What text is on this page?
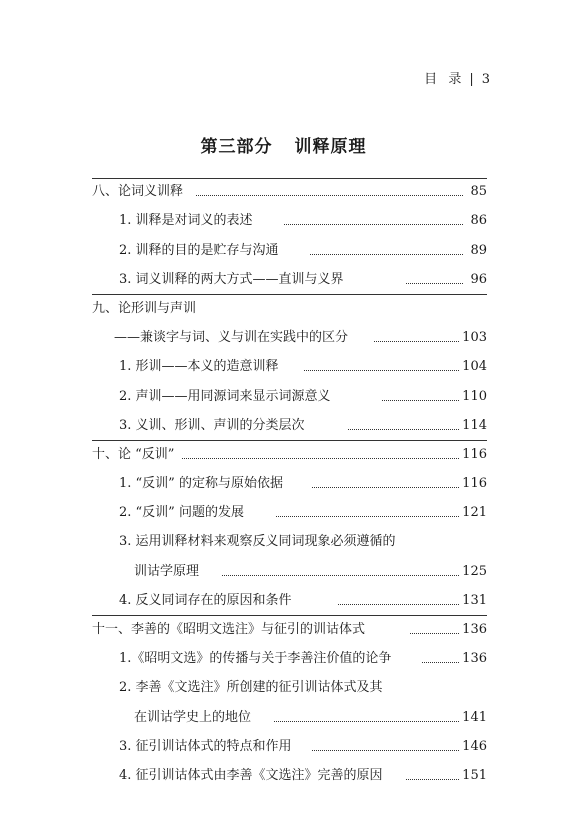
目  录 | 3
第三部分 训释原理
八、论词义训释	85
1. 训释是对词义的表述	86
2. 训释的目的是贮存与沟通	89
3. 词义训释的两大方式——直训与义界	96
九、论形训与声训
——兼谈字与词、义与训在实践中的区分	103
1. 形训——本义的造意训释	104
2. 声训——用同源词来显示词源意义	110
3. 义训、形训、声训的分类层次	114
十、论 “反训”	116
1. “反训” 的定称与原始依据	116
2. “反训” 问题的发展	121
3. 运用训释材料来观察反义同词现象必须遵循的
训诂学原理	125
4. 反义同词存在的原因和条件	131
十一、李善的《昭明文选注》与征引的训诂体式	136
1.《昭明文选》的传播与关于李善注价值的论争	136
2. 李善《文选注》所创建的征引训诂体式及其
在训诂学史上的地位	141
3. 征引训诂体式的特点和作用	146
4. 征引训诂体式由李善《文选注》完善的原因	151
